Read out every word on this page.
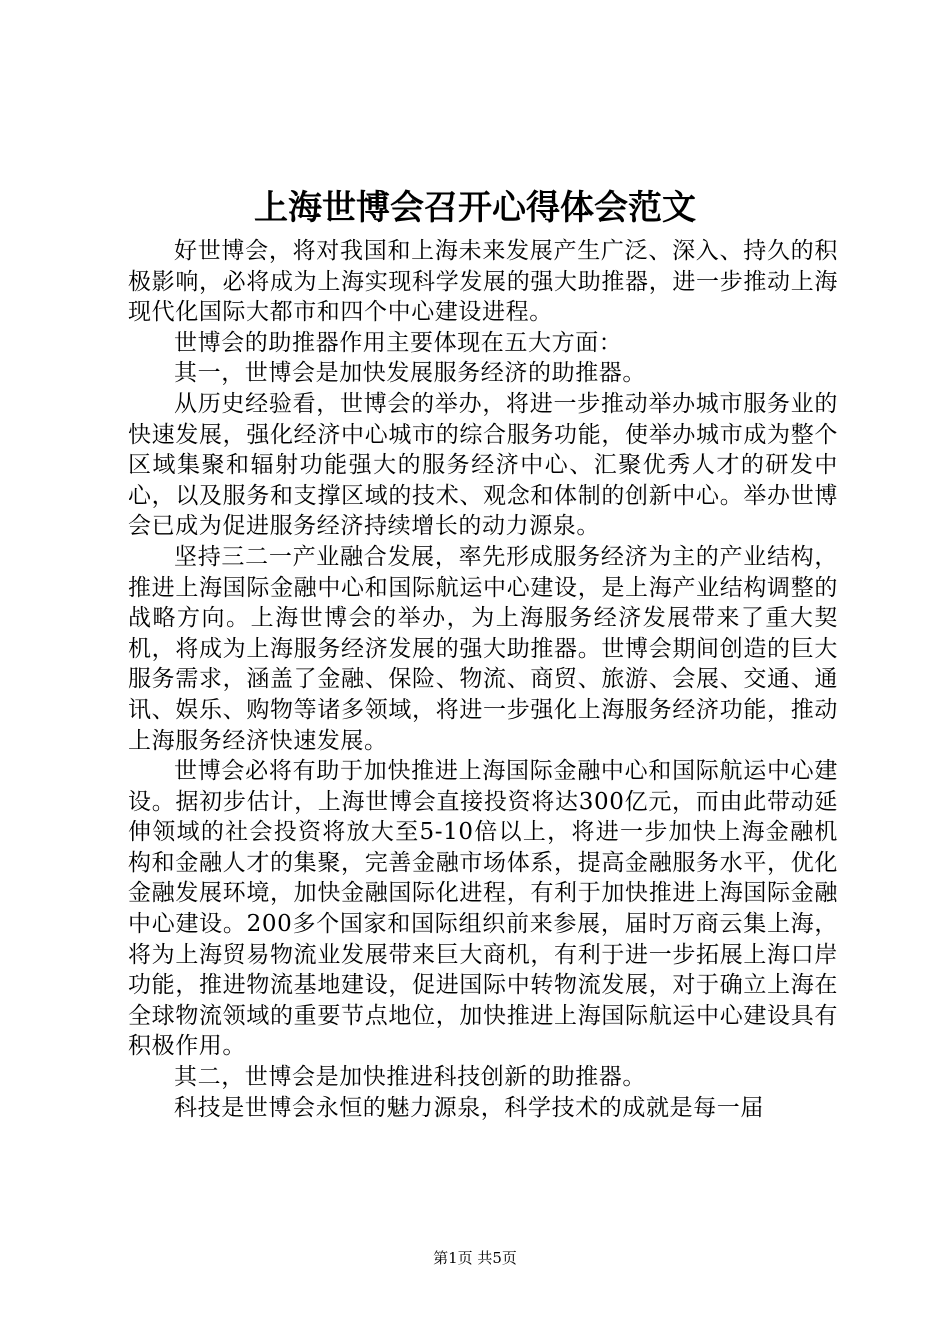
上海世博会召开心得体会范文

好世博会，将对我国和上海未来发展产生广泛、深入、持久的积极影响，必将成为上海实现科学发展的强大助推器，进一步推动上海现代化国际大都市和四个中心建设进程。

世博会的助推器作用主要体现在五大方面：

其一，世博会是加快发展服务经济的助推器。

从历史经验看，世博会的举办，将进一步推动举办城市服务业的快速发展，强化经济中心城市的综合服务功能，使举办城市成为整个区域集聚和辐射功能强大的服务经济中心、汇聚优秀人才的研发中心，以及服务和支撑区域的技术、观念和体制的创新中心。举办世博会已成为促进服务经济持续增长的动力源泉。

坚持三二一产业融合发展，率先形成服务经济为主的产业结构，推进上海国际金融中心和国际航运中心建设，是上海产业结构调整的战略方向。上海世博会的举办，为上海服务经济发展带来了重大契机，将成为上海服务经济发展的强大助推器。世博会期间创造的巨大服务需求，涵盖了金融、保险、物流、商贸、旅游、会展、交通、通讯、娱乐、购物等诸多领域，将进一步强化上海服务经济功能，推动上海服务经济快速发展。

世博会必将有助于加快推进上海国际金融中心和国际航运中心建设。据初步估计，上海世博会直接投资将达300亿元，而由此带动延伸领域的社会投资将放大至5-10倍以上，将进一步加快上海金融机构和金融人才的集聚，完善金融市场体系，提高金融服务水平，优化金融发展环境，加快金融国际化进程，有利于加快推进上海国际金融中心建设。200多个国家和国际组织前来参展，届时万商云集上海，将为上海贸易物流业发展带来巨大商机，有利于进一步拓展上海口岸功能，推进物流基地建设，促进国际中转物流发展，对于确立上海在全球物流领域的重要节点地位，加快推进上海国际航运中心建设具有积极作用。

其二，世博会是加快推进科技创新的助推器。

科技是世博会永恒的魅力源泉，科学技术的成就是每一届

第1页 共5页
